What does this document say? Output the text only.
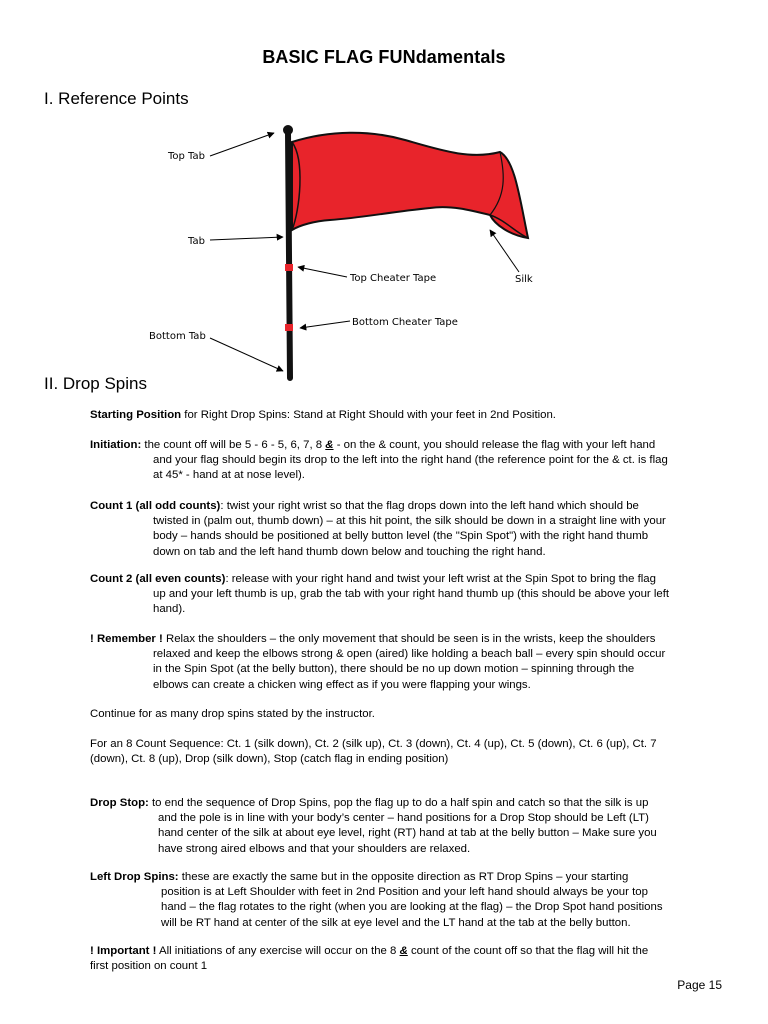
BASIC FLAG FUNdamentals
I. Reference Points
Top Tab
Tab
Top Cheater Tape	Silk
Bottom Cheater Tape
Bottom Tab
II. Drop Spins
Starting Position for Right Drop Spins: Stand at Right Should with your feet in 2nd Position.
Initiation: the count off will be 5 - 6 - 5, 6, 7, 8 & - on the & count, you should release the flag with your left hand
and your flag should begin its drop to the left into the right hand (the reference point for the & ct. is flag
at 45* - hand at at nose level).
Count 1 (all odd counts): twist your right wrist so that the flag drops down into the left hand which should be
twisted in (palm out, thumb down) – at this hit point, the silk should be down in a straight line with your
body – hands should be positioned at belly button level (the "Spin Spot") with the right hand thumb
down on tab and the left hand thumb down below and touching the right hand.
Count 2 (all even counts): release with your right hand and twist your left wrist at the Spin Spot to bring the flag
up and your left thumb is up, grab the tab with your right hand thumb up (this should be above your left
hand).
! Remember ! Relax the shoulders – the only movement that should be seen is in the wrists, keep the shoulders
relaxed and keep the elbows strong & open (aired) like holding a beach ball – every spin should occur
in the Spin Spot (at the belly button), there should be no up down motion – spinning through the
elbows can create a chicken wing effect as if you were flapping your wings.
Continue for as many drop spins stated by the instructor.
For an 8 Count Sequence: Ct. 1 (silk down), Ct. 2 (silk up), Ct. 3 (down), Ct. 4 (up), Ct. 5 (down), Ct. 6 (up), Ct. 7
(down), Ct. 8 (up), Drop (silk down), Stop (catch flag in ending position)
Drop Stop: to end the sequence of Drop Spins, pop the flag up to do a half spin and catch so that the silk is up
and the pole is in line with your body’s center – hand positions for a Drop Stop should be Left (LT)
hand center of the silk at about eye level, right (RT) hand at tab at the belly button – Make sure you
have strong aired elbows and that your shoulders are relaxed.
Left Drop Spins: these are exactly the same but in the opposite direction as RT Drop Spins – your starting
position is at Left Shoulder with feet in 2nd Position and your left hand should always be your top
hand – the flag rotates to the right (when you are looking at the flag) – the Drop Spot hand positions
will be RT hand at center of the silk at eye level and the LT hand at the tab at the belly button.
! Important ! All initiations of any exercise will occur on the 8 & count of the count off so that the flag will hit the
first position on count 1
Page 15
